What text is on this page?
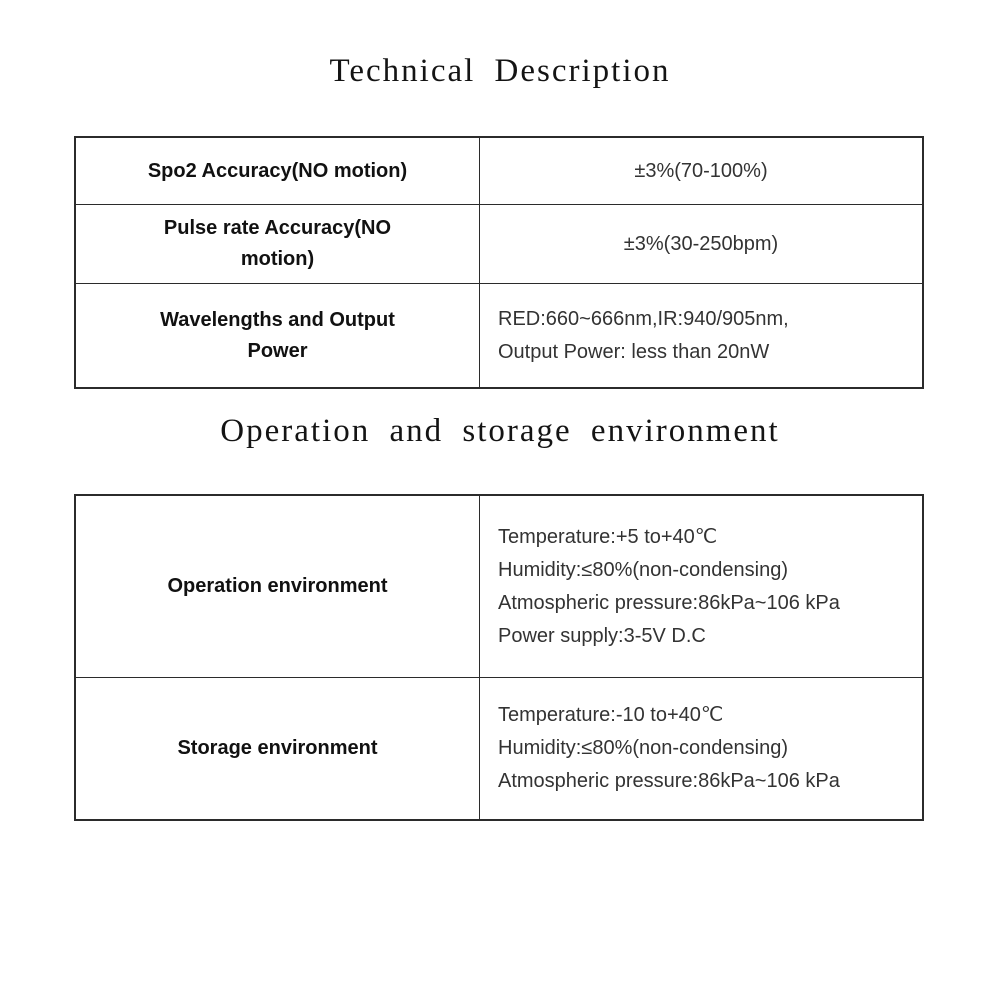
Technical Description
Spo2 Accuracy(NO motion)	±3%(70-100%)
Pulse rate Accuracy(NO
motion)
±3%(30-250bpm)
Wavelengths and Output
Power
RED:660~666nm,IR:940/905nm,
Output Power: less than 20nW
Operation and storage environment
Operation environment
Temperature:+5 to+40℃
Humidity:≤80%(non-condensing)
Atmospheric pressure:86kPa~106 kPa
Power supply:3-5V D.C
Storage environment
Temperature:-10 to+40℃
Humidity:≤80%(non-condensing)
Atmospheric pressure:86kPa~106 kPa
